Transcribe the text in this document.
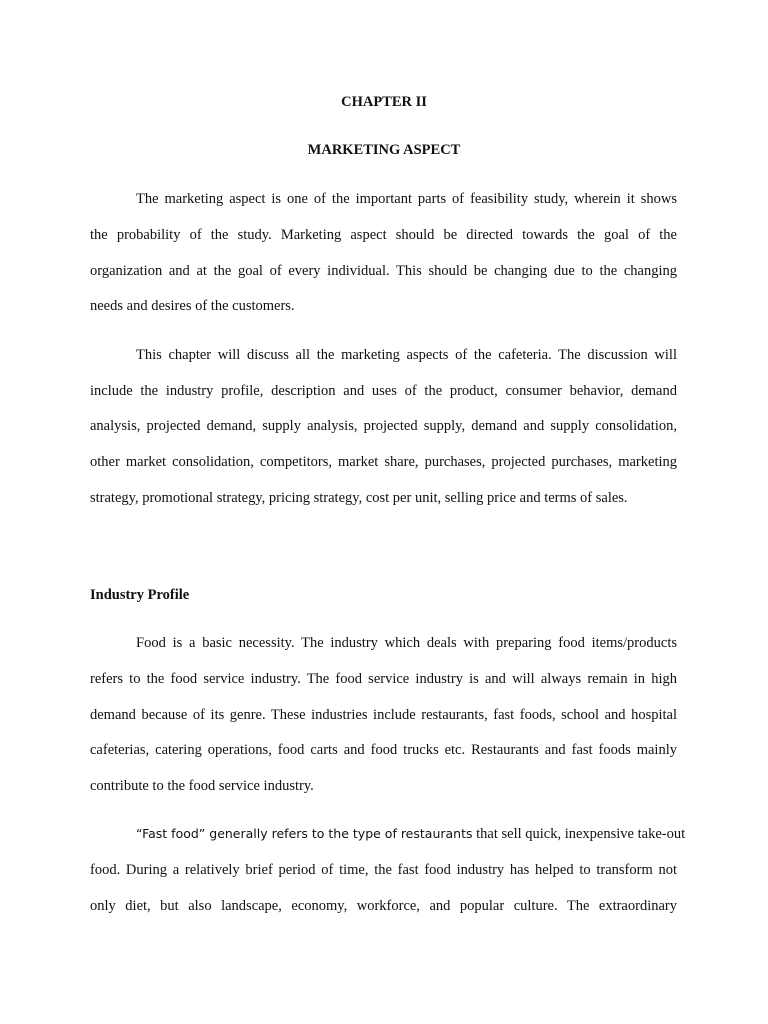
CHAPTER II
MARKETING ASPECT
The marketing aspect is one of the important parts of feasibility study, wherein it shows
the probability of the study. Marketing aspect should be directed towards the goal of the
organization and at the goal of every individual. This should be changing due to the changing
needs and desires of the customers.
This chapter will discuss all the marketing aspects of the cafeteria. The discussion will
include the industry profile, description and uses of the product, consumer behavior, demand
analysis, projected demand, supply analysis, projected supply, demand and supply consolidation,
other market consolidation, competitors, market share, purchases, projected purchases, marketing
strategy, promotional strategy, pricing strategy, cost per unit, selling price and terms of sales.
Industry Profile
Food is a basic necessity. The industry which deals with preparing food items/products
refers to the food service industry. The food service industry is and will always remain in high
demand because of its genre. These industries include restaurants, fast foods, school and hospital
cafeterias, catering operations, food carts and food trucks etc. Restaurants and fast foods mainly
contribute to the food service industry.
“Fast food” generally refers to the type of restaurants that sell quick, inexpensive take-out
food. During a relatively brief period of time, the fast food industry has helped to transform not
only diet, but also landscape, economy, workforce, and popular culture. The extraordinary
